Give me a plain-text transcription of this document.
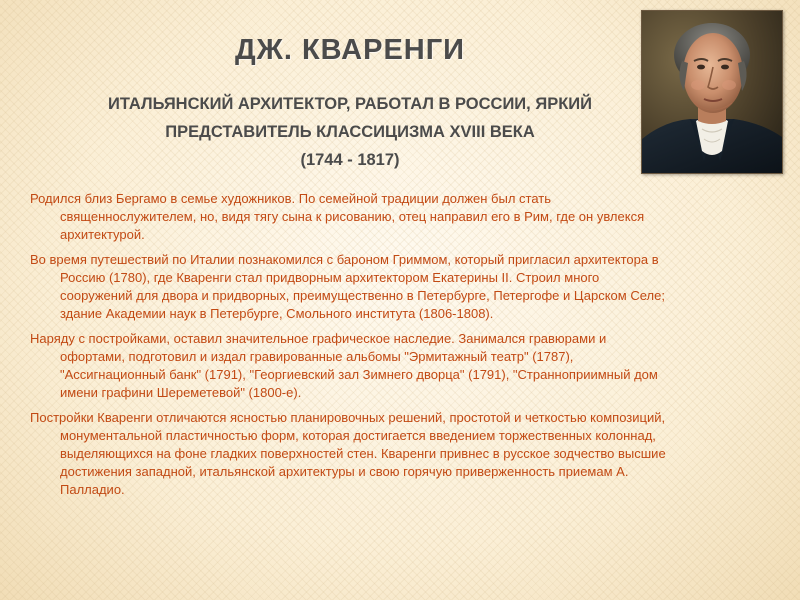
ДЖ. КВАРЕНГИ
ИТАЛЬЯНСКИЙ АРХИТЕКТОР, РАБОТАЛ В РОССИИ, ЯРКИЙ
ПРЕДСТАВИТЕЛЬ КЛАССИЦИЗМА XVIII ВЕКА
(1744 - 1817)

Родился близ Бергамо в семье художников. По семейной традиции должен был стать священнослужителем, но, видя тягу сына к рисованию, отец направил его в Рим, где он увлекся архитектурой.

Во время путешествий по Италии познакомился с бароном Гриммом, который пригласил архитектора в Россию (1780), где Кваренги стал придворным архитектором Екатерины II. Строил много сооружений для двора и придворных, преимущественно в Петербурге, Петергофе и Царском Селе; здание Академии наук в Петербурге, Смольного института (1806-1808).

Наряду с постройками, оставил значительное графическое наследие. Занимался гравюрами и офортами, подготовил и издал гравированные альбомы "Эрмитажный театр" (1787), "Ассигнационный банк" (1791), "Георгиевский зал Зимнего дворца" (1791), "Странноприимный дом имени графини Шереметевой" (1800-е).

Постройки Кваренги отличаются ясностью планировочных решений, простотой и четкостью композиций, монументальной пластичностью форм, которая достигается введением торжественных колоннад, выделяющихся на фоне гладких поверхностей стен. Кваренги привнес в русское зодчество высшие достижения западной, итальянской архитектуры и свою горячую приверженность приемам А. Палладио.
